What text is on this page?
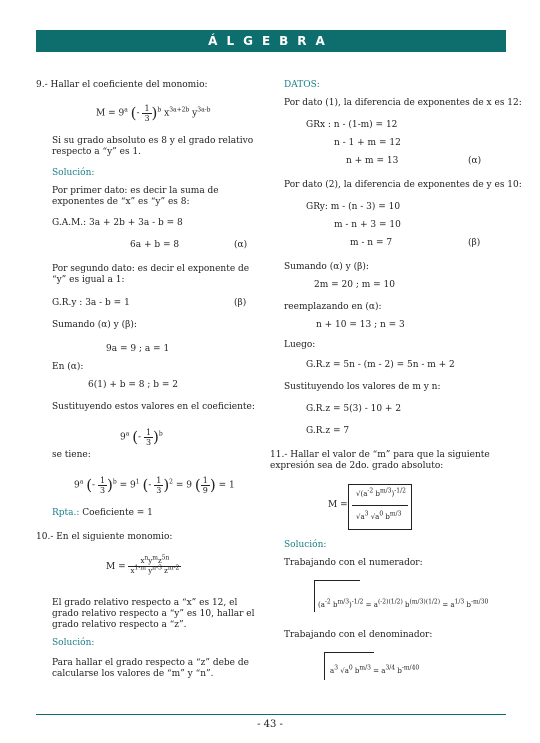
ÁLGEBRA
9.- Hallar el coeficiente del monomio:
$M = 9^a$ (- $\frac{1}{3} )^b$ $x^{3a+2b}$ $y^{3a-b}$
Si su grado absoluto es 8 y el grado relativo respecto a “y” es 1.
Solución:
Por primer dato: es decir la suma de exponentes de “x” es “y” es 8:
G.A.M.: 3a + 2b + 3a - b = 8
6a + b = 8	(α)
Por segundo dato: es decir el exponente de “y” es igual a 1:
G.R.y : 3a - b = 1	(β)
Sumando (α) y (β):
9a = 9 ; a = 1
En (α):
6(1) + b = 8 ; b = 2
Sustituyendo estos valores en el coeficiente:
9$^a$ (- $\frac{1}{3} )^b$
se tiene:
9$^a$ (- $\frac{1}{3} )^b = 9^1$ (- $\frac{1}{3} )^2 = 9$ ( $\frac{1}{9}$ ) = 1
Rpta.: Coeficiente = 1
10.- En el siguiente monomio:
$M = \frac{x^ny^mz^{5n}}{x^{1-m} y^{n-3} z^{m-2}}$
El grado relativo respecto a “x” es 12, el grado relativo respecto a “y” es 10, hallar el grado relativo respecto a “z”.
Solución:
Para hallar el grado respecto a “z” debe de calcularse los valores de “m” y “n”.
DATOS:
Por dato (1), la diferencia de exponentes de x es 12:
GRx : n - (1-m) = 12
n - 1 + m = 12
n + m = 13	(α)
Por dato (2), la diferencia de exponentes de y es 10:
GRy: m - (n - 3) = 10
m - n + 3 = 10
m - n = 7	(β)
Sumando (α) y (β):
2m = 20 ; m = 10
reemplazando en (α):
n + 10 = 13 ; n = 3
Luego:
G.R.z = 5n - (m - 2) = 5n - m + 2
Sustituyendo los valores de m y n:
G.R.z = 5(3) - 10 + 2
G.R.z = 7
11.- Hallar el valor de “m” para que la siguiente expresión sea de 2do. grado absoluto:
M =
$√(a^{-2}$ $b^{m/3})^{-1/2}$
$√a^3$ $√a^0$ $b^{m/3}$
Solución:
Trabajando con el numerador:
($a^{-2}$ $b^{m/3})^{-1/2} = a^{(-2)(1/2)}$ $b^{(m/3)(1/2)} = a^{1/3}$ $b^{-m/30}$
Trabajando con el denominador:
$a^3$ $√a^0$ $b^{m/3} = a^{3/4}$ $b^{-m/40}$
- 43 -
